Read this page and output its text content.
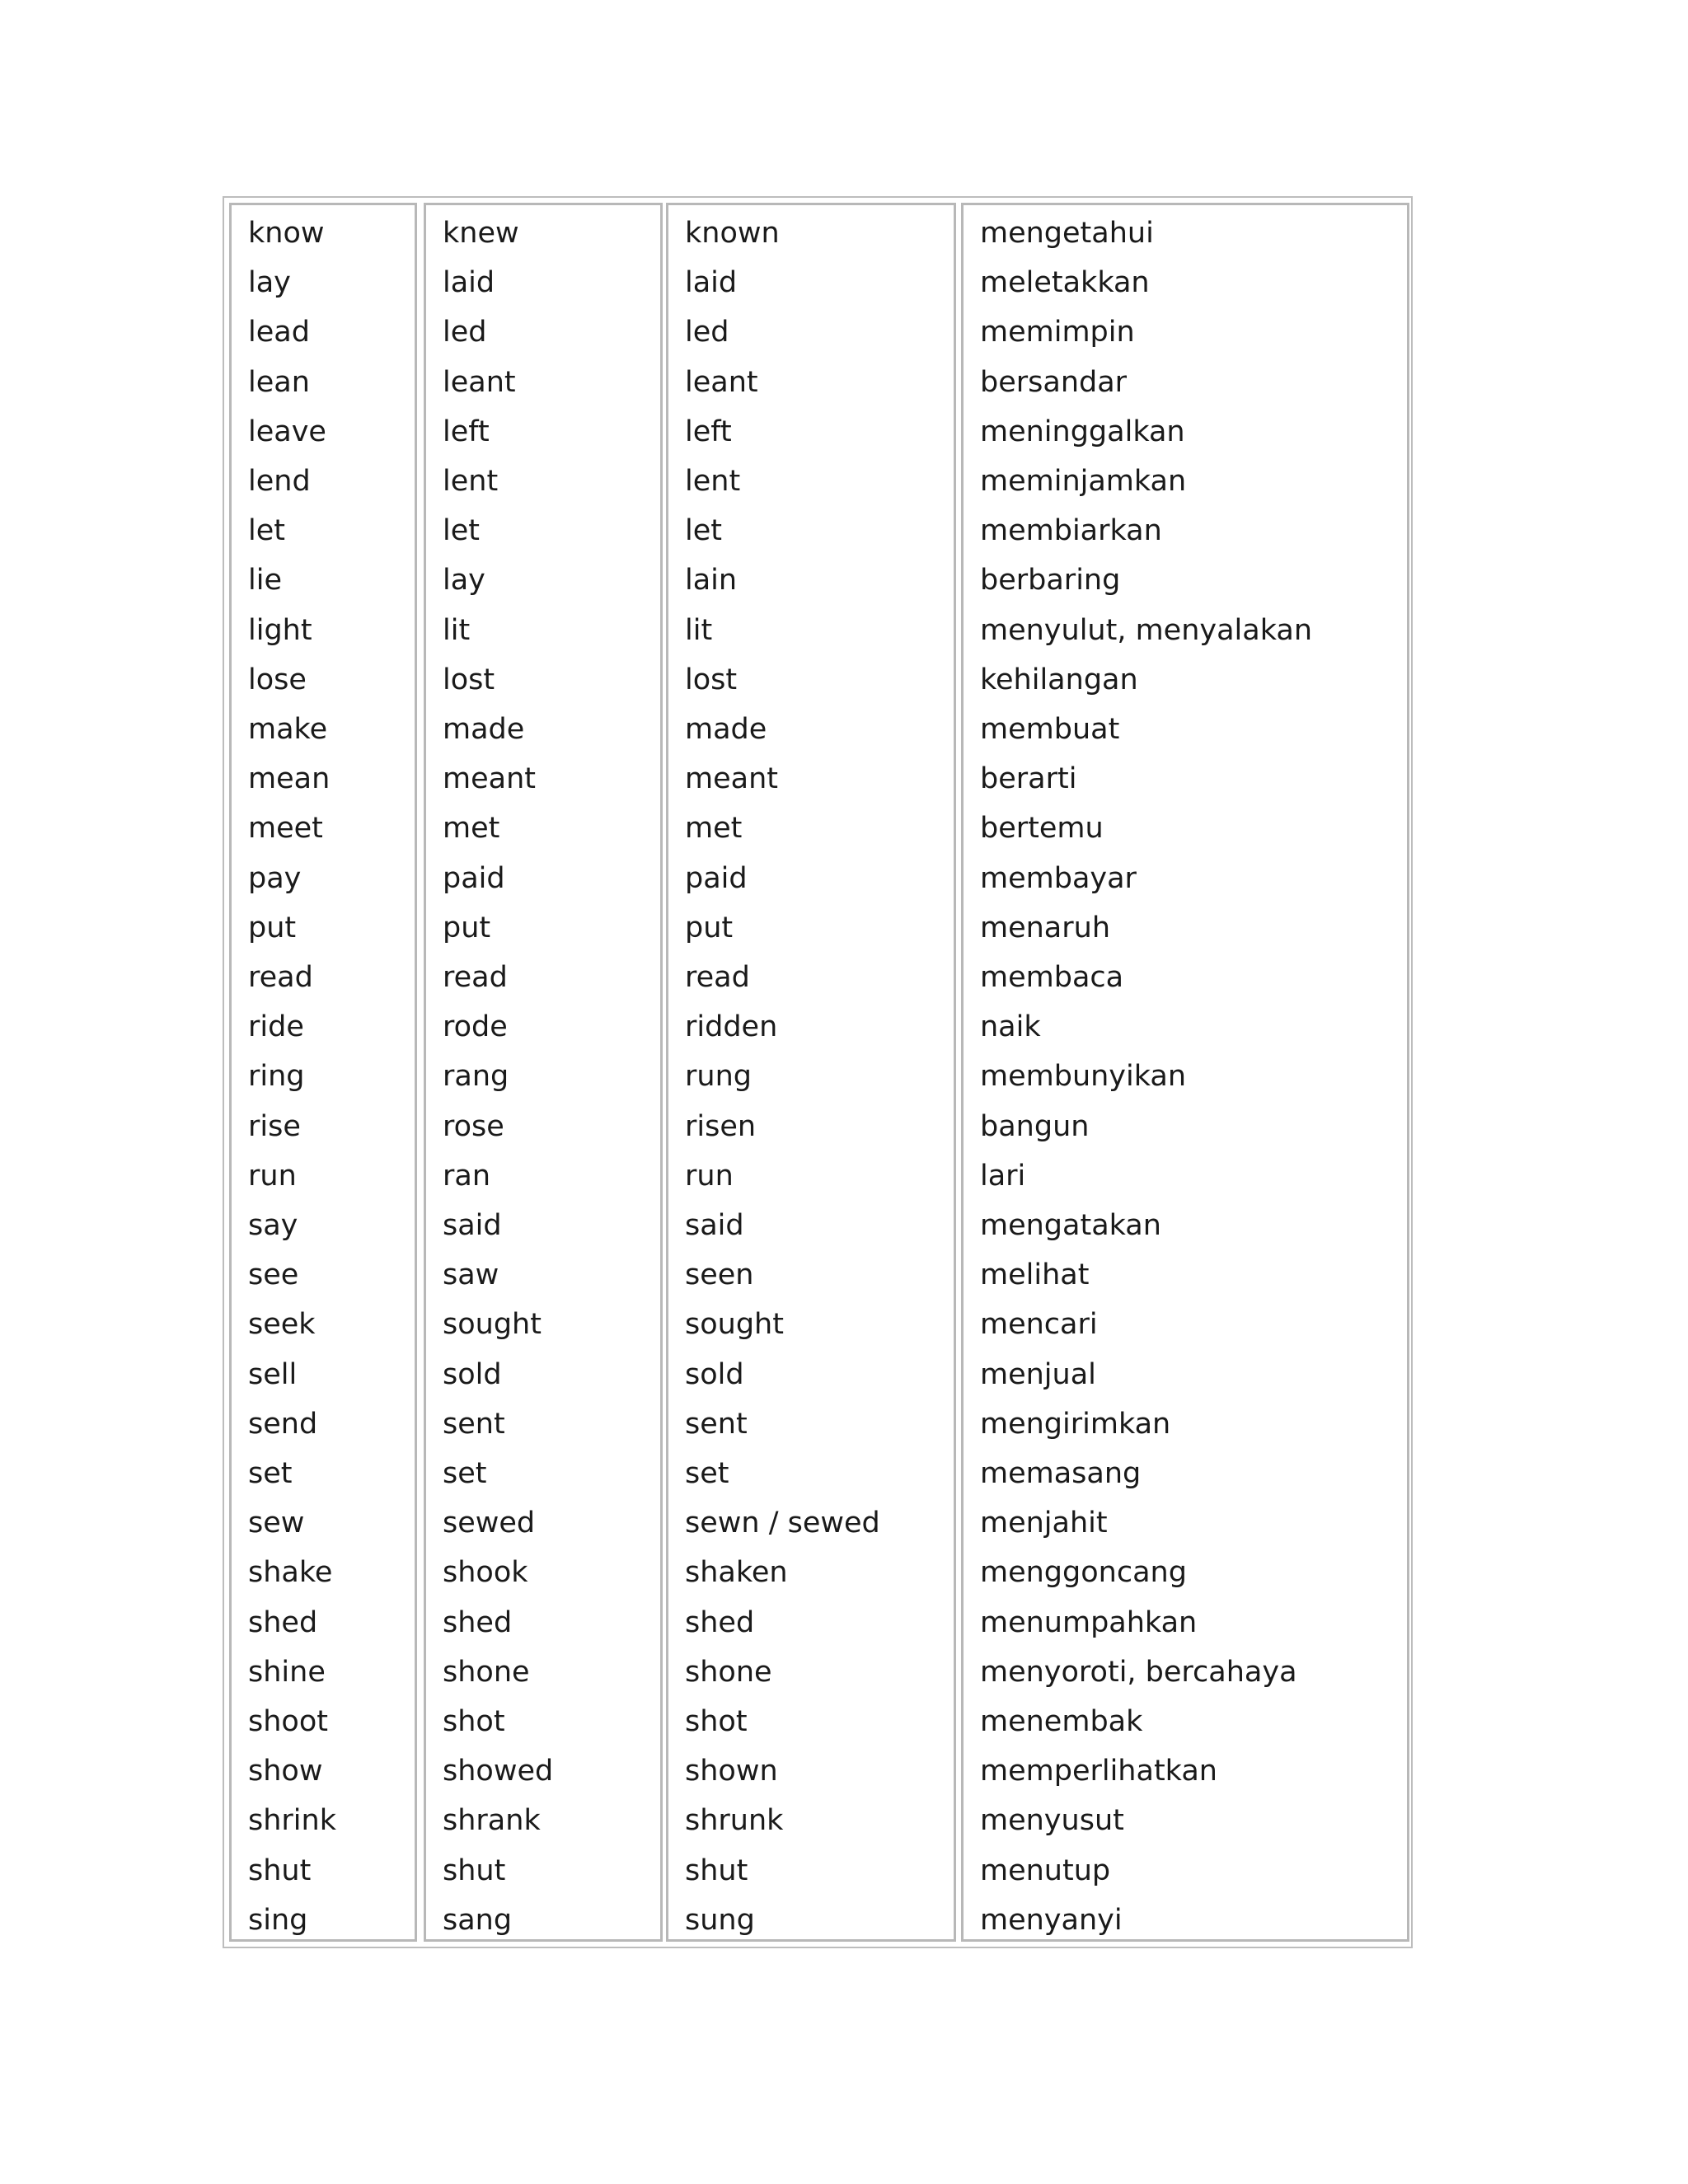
know
lay
lead
lean
leave
lend
let
lie
light
lose
make
mean
meet
pay
put
read
ride
ring
rise
run
say
see
seek
sell
send
set
sew
shake
shed
shine
shoot
show
shrink
shut
sing
knew
laid
led
leant
left
lent
let
lay
lit
lost
made
meant
met
paid
put
read
rode
rang
rose
ran
said
saw
sought
sold
sent
set
sewed
shook
shed
shone
shot
showed
shrank
shut
sang
known
laid
led
leant
left
lent
let
lain
lit
lost
made
meant
met
paid
put
read
ridden
rung
risen
run
said
seen
sought
sold
sent
set
sewn / sewed
shaken
shed
shone
shot
shown
shrunk
shut
sung
mengetahui
meletakkan
memimpin
bersandar
meninggalkan
meminjamkan
membiarkan
berbaring
menyulut, menyalakan
kehilangan
membuat
berarti
bertemu
membayar
menaruh
membaca
naik
membunyikan
bangun
lari
mengatakan
melihat
mencari
menjual
mengirimkan
memasang
menjahit
menggoncang
menumpahkan
menyoroti, bercahaya
menembak
memperlihatkan
menyusut
menutup
menyanyi
